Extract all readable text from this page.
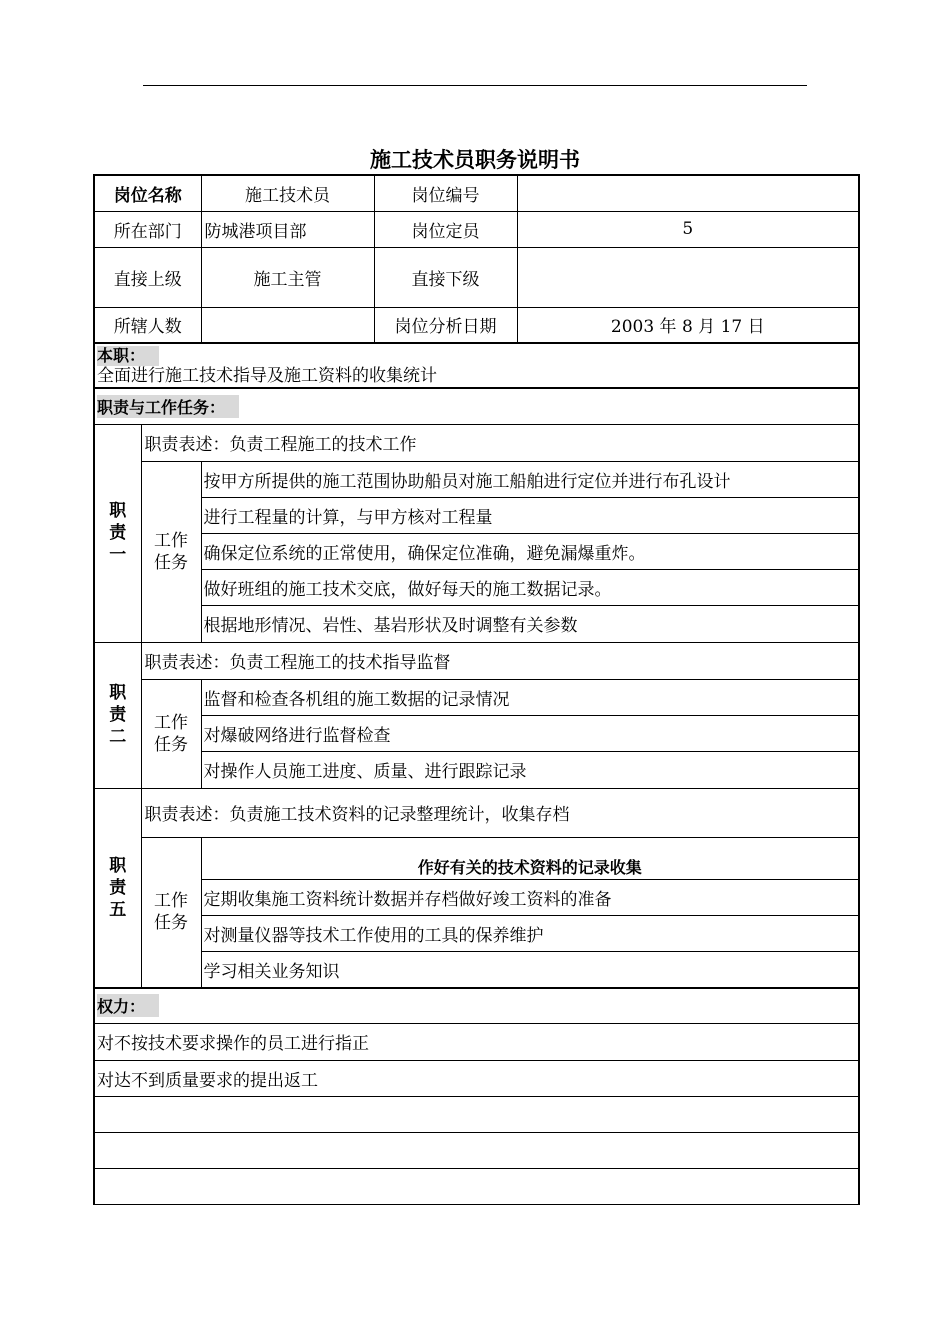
施工技术员职务说明书
岗位名称		施工技术员	岗位编号	
所在部门		防城港项目部	岗位定员	5
直接上级		施工主管	直接下级	
所辖人数			岗位分析日期	2003 年 8 月 17 日

本职：
全面进行施工技术指导及施工资料的收集统计				

职责与工作任务：				

职
责
一	职责表述：负责工程施工的技术工作			

	工作
任务	按甲方所提供的施工范围协助船员对施工船舶进行定位并进行布孔设计		
		进行工程量的计算，与甲方核对工程量		
		确保定位系统的正常使用，确保定位准确，避免漏爆重炸。		
		做好班组的施工技术交底，做好每天的施工数据记录。		
		根据地形情况、岩性、基岩形状及时调整有关参数		

职
责
二	职责表述：负责工程施工的技术指导监督			

	工作
任务	监督和检查各机组的施工数据的记录情况		
		对爆破网络进行监督检查		
		对操作人员施工进度、质量、进行跟踪记录		

职
责
五	职责表述：负责施工技术资料的记录整理统计，收集存档			

	工作
任务	作好有关的技术资料的记录收集		
		定期收集施工资料统计数据并存档做好竣工资料的准备		
		对测量仪器等技术工作使用的工具的保养维护		
		学习相关业务知识		
权力：				
对不按技术要求操作的员工进行指正				
对达不到质量要求的提出返工				
